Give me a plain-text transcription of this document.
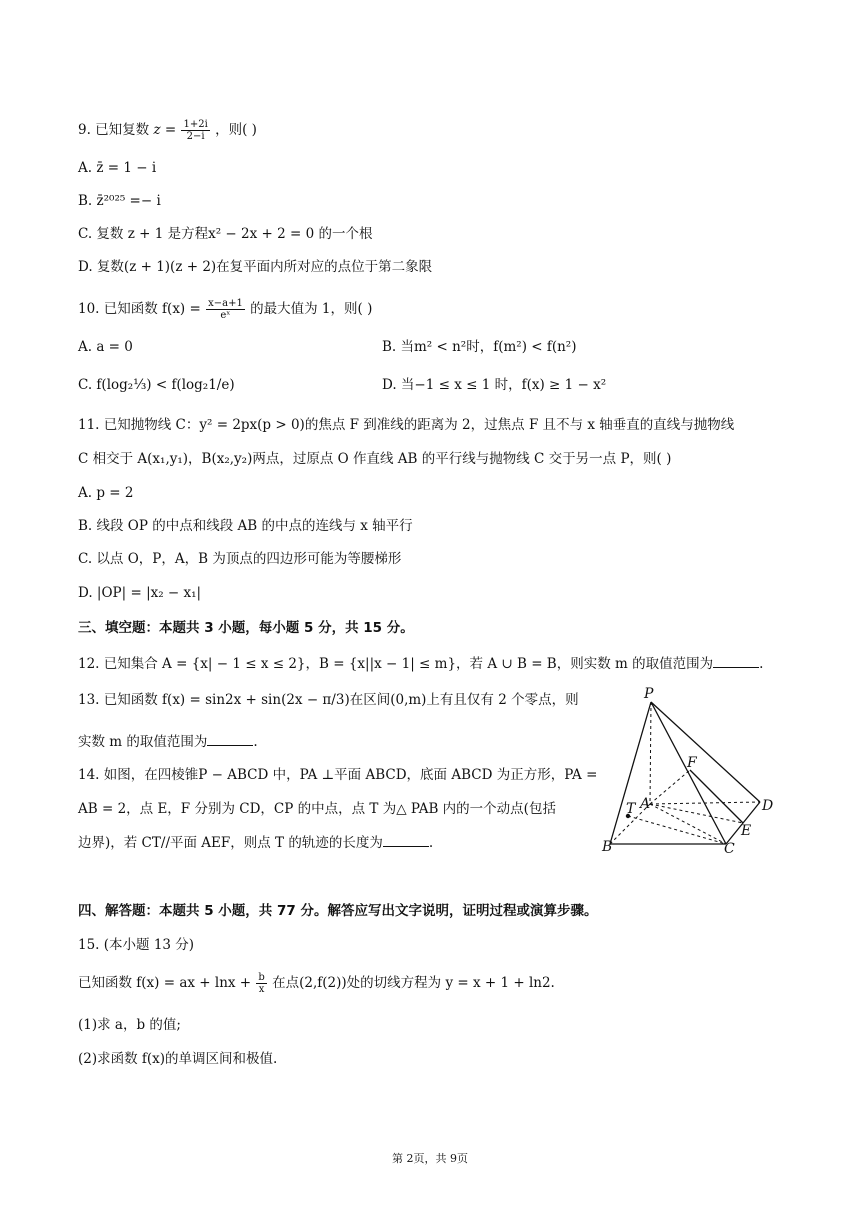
9. 已知复数 $z = \frac{1+2i}{2-i}$ ，则( )
A. z̄ = 1 − i
B. z̄²⁰²⁵ =− i
C. 复数 z + 1 是方程x² − 2x + 2 = 0 的一个根
D. 复数(z + 1)(z + 2)在复平面内所对应的点位于第二象限
10. 已知函数 $f(x) = \frac{x-a+1}{\text{eˣ}}$ 的最大值为 1，则( )
A. a = 0	B. 当m² < n²时，f(m²) < f(n²)
C. f(log₂⅓) < f(log₂1/e)	D. 当−1 ≤ x ≤ 1 时，f(x) ≥ 1 − x²
11. 已知抛物线 C：y² = 2px(p > 0)的焦点 F 到准线的距离为 2，过焦点 F 且不与 x 轴垂直的直线与抛物线
C 相交于 A(x₁,y₁)，B(x₂,y₂)两点，过原点 O 作直线 AB 的平行线与抛物线 C 交于另一点 P，则( )
A. p = 2
B. 线段 OP 的中点和线段 AB 的中点的连线与 x 轴平行
C. 以点 O，P，A，B 为顶点的四边形可能为等腰梯形
D. |OP| = |x₂ − x₁|
三、填空题：本题共 3 小题，每小题 5 分，共 15 分。
12. 已知集合 A = {x| − 1 ≤ x ≤ 2}，B = {x||x − 1| ≤ m}，若 A ∪ B = B，则实数 m 的取值范围为	.
13. 已知函数 f(x) = sin2x + sin(2x − π/3)在区间(0,m)上有且仅有 2 个零点，则
实数 m 的取值范围为	.
14. 如图，在四棱锥P − ABCD 中，PA ⊥平面 ABCD，底面 ABCD 为正方形，PA =
AB = 2，点 E，F 分别为 CD，CP 的中点，点 T 为△ PAB 内的一个动点(包括
边界)，若 CT//平面 AEF，则点 T 的轨迹的长度为	.
P
F
T A	D
E
B	C
四、解答题：本题共 5 小题，共 77 分。解答应写出文字说明，证明过程或演算步骤。
15. (本小题 13 分)
已知函数 f(x) = ax + $\ln x + \frac{b}{x}$ 在点(2,f(2))处的切线方程为 y = x + 1 + ln2.
(1)求 a，b 的值;
(2)求函数 f(x)的单调区间和极值.
第 2页，共 9页
